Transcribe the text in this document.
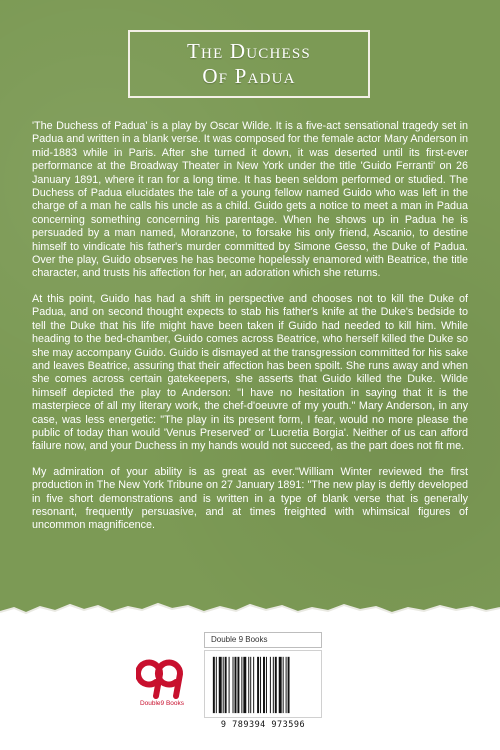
The Duchess
Of Padua

'The Duchess of Padua' is a play by Oscar Wilde. It is a five-act sensational tragedy set in Padua and written in a blank verse. It was composed for the female actor Mary Anderson in mid-1883 while in Paris. After she turned it down, it was deserted until its first-ever performance at the Broadway Theater in New York under the title 'Guido Ferranti' on 26 January 1891, where it ran for a long time. It has been seldom performed or studied. The Duchess of Padua elucidates the tale of a young fellow named Guido who was left in the charge of a man he calls his uncle as a child. Guido gets a notice to meet a man in Padua concerning something concerning his parentage. When he shows up in Padua he is persuaded by a man named, Moranzone, to forsake his only friend, Ascanio, to destine himself to vindicate his father's murder committed by Simone Gesso, the Duke of Padua. Over the play, Guido observes he has become hopelessly enamored with Beatrice, the title character, and trusts his affection for her, an adoration which she returns.

At this point, Guido has had a shift in perspective and chooses not to kill the Duke of Padua, and on second thought expects to stab his father's knife at the Duke's bedside to tell the Duke that his life might have been taken if Guido had needed to kill him. While heading to the bed-chamber, Guido comes across Beatrice, who herself killed the Duke so she may accompany Guido. Guido is dismayed at the transgression committed for his sake and leaves Beatrice, assuring that their affection has been spoilt. She runs away and when she comes across certain gatekeepers, she asserts that Guido killed the Duke. Wilde himself depicted the play to Anderson: "I have no hesitation in saying that it is the masterpiece of all my literary work, the chef-d'oeuvre of my youth." Mary Anderson, in any case, was less energetic: "The play in its present form, I fear, would no more please the public of today than would 'Venus Preserved' or 'Lucretia Borgia'. Neither of us can afford failure now, and your Duchess in my hands would not succeed, as the part does not fit me.

My admiration of your ability is as great as ever."William Winter reviewed the first production in The New York Tribune on 27 January 1891: "The new play is deftly developed in five short demonstrations and is written in a type of blank verse that is generally resonant, frequently persuasive, and at times freighted with whimsical figures of uncommon magnificence.

Double9 Books
Double 9 Books
9 789394 973596
